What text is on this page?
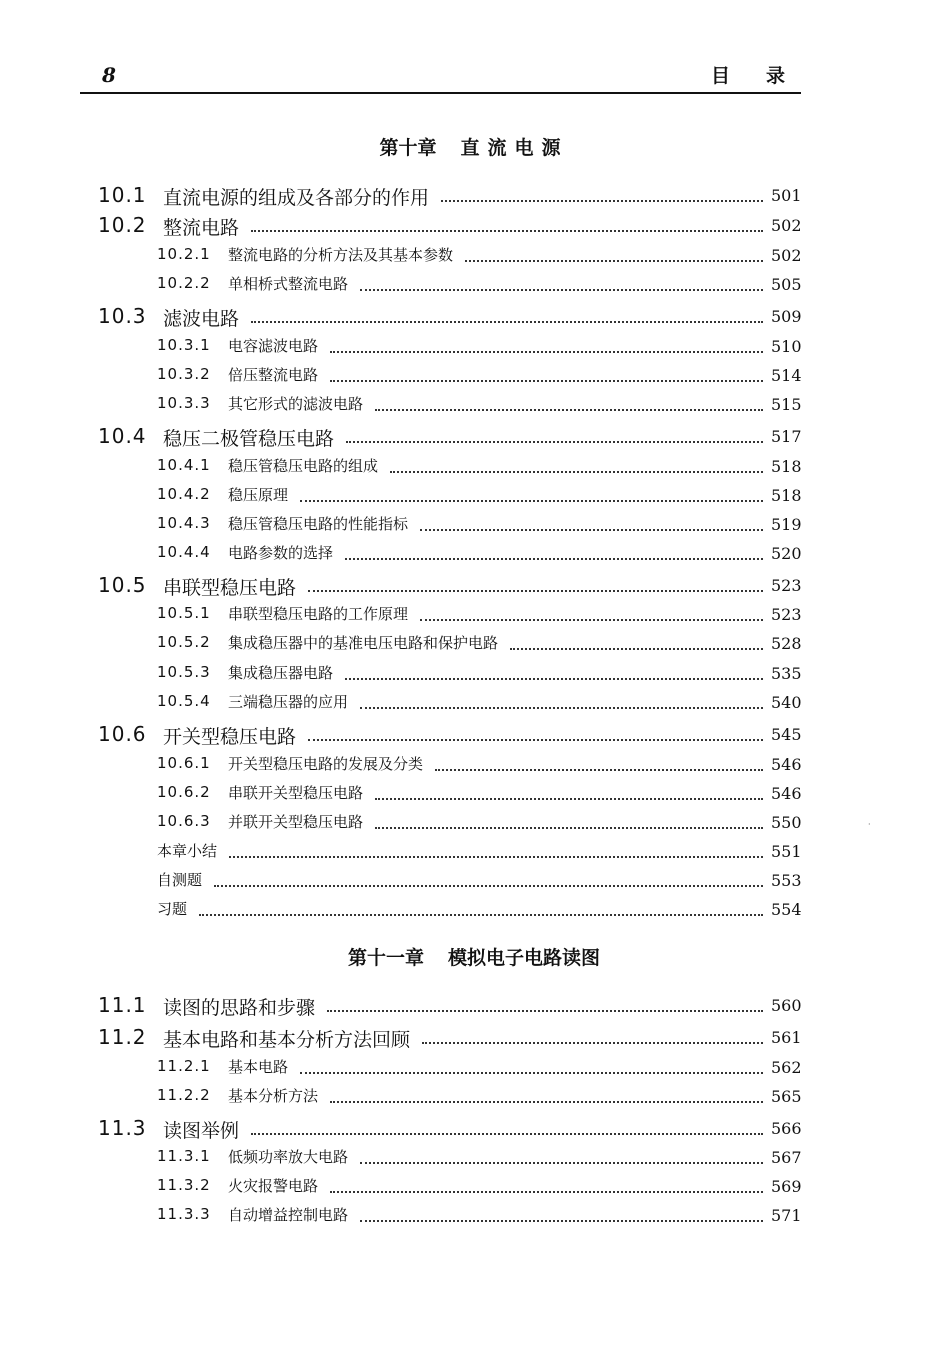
8	目录
第十章 直流电源
10.1 直流电源的组成及各部分的作用	501
10.2 整流电路	502
10.2.1 整流电路的分析方法及其基本参数	502
10.2.2 单相桥式整流电路	505
10.3 滤波电路	509
10.3.1 电容滤波电路	510
10.3.2 倍压整流电路	514
10.3.3 其它形式的滤波电路	515
10.4 稳压二极管稳压电路	517
10.4.1 稳压管稳压电路的组成	518
10.4.2 稳压原理	518
10.4.3 稳压管稳压电路的性能指标	519
10.4.4 电路参数的选择	520
10.5 串联型稳压电路	523
10.5.1 串联型稳压电路的工作原理	523
10.5.2 集成稳压器中的基准电压电路和保护电路	528
10.5.3 集成稳压器电路	535
10.5.4 三端稳压器的应用	540
10.6 开关型稳压电路	545
10.6.1 开关型稳压电路的发展及分类	546
10.6.2 串联开关型稳压电路	546
10.6.3 并联开关型稳压电路	550
本章小结	551
自测题	553
习题	554
第十一章 模拟电子电路读图
11.1 读图的思路和步骤	560
11.2 基本电路和基本分析方法回顾	561
11.2.1 基本电路	562
11.2.2 基本分析方法	565
11.3 读图举例	566
11.3.1 低频功率放大电路	567
11.3.2 火灾报警电路	569
11.3.3 自动增益控制电路	571
·
